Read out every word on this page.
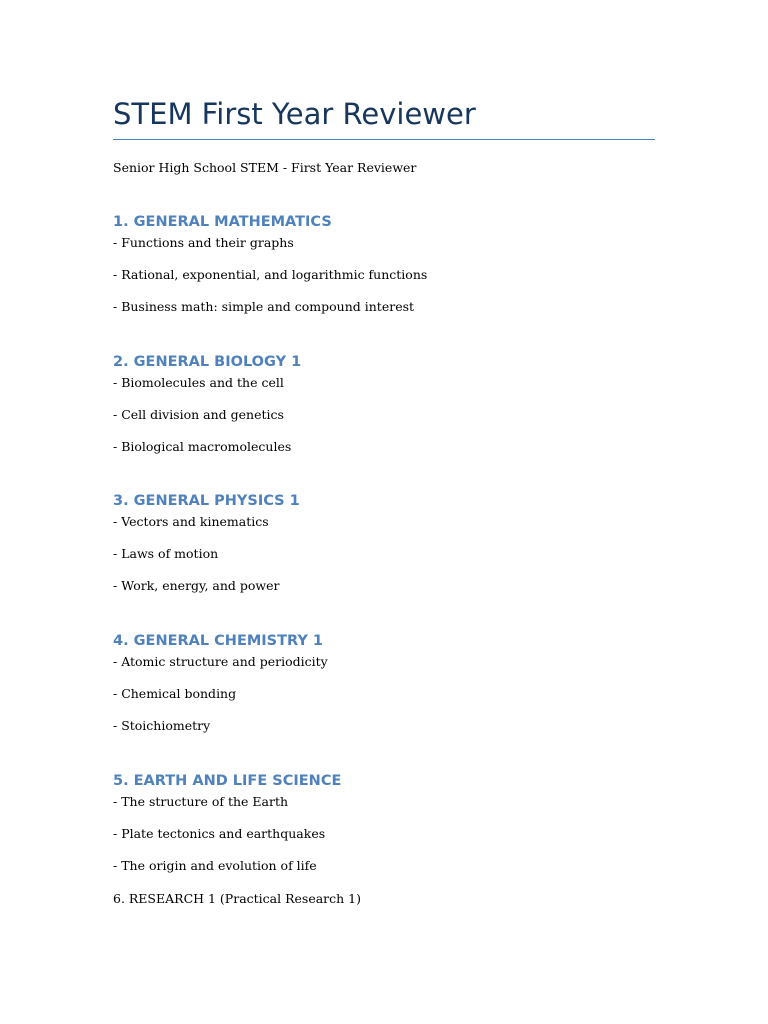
STEM First Year Reviewer

Senior High School STEM - First Year Reviewer

1. GENERAL MATHEMATICS

- Functions and their graphs

- Rational, exponential, and logarithmic functions

- Business math: simple and compound interest

2. GENERAL BIOLOGY 1

- Biomolecules and the cell

- Cell division and genetics

- Biological macromolecules

3. GENERAL PHYSICS 1

- Vectors and kinematics

- Laws of motion

- Work, energy, and power

4. GENERAL CHEMISTRY 1

- Atomic structure and periodicity

- Chemical bonding

- Stoichiometry

5. EARTH AND LIFE SCIENCE

- The structure of the Earth

- Plate tectonics and earthquakes

- The origin and evolution of life

6. RESEARCH 1 (Practical Research 1)
